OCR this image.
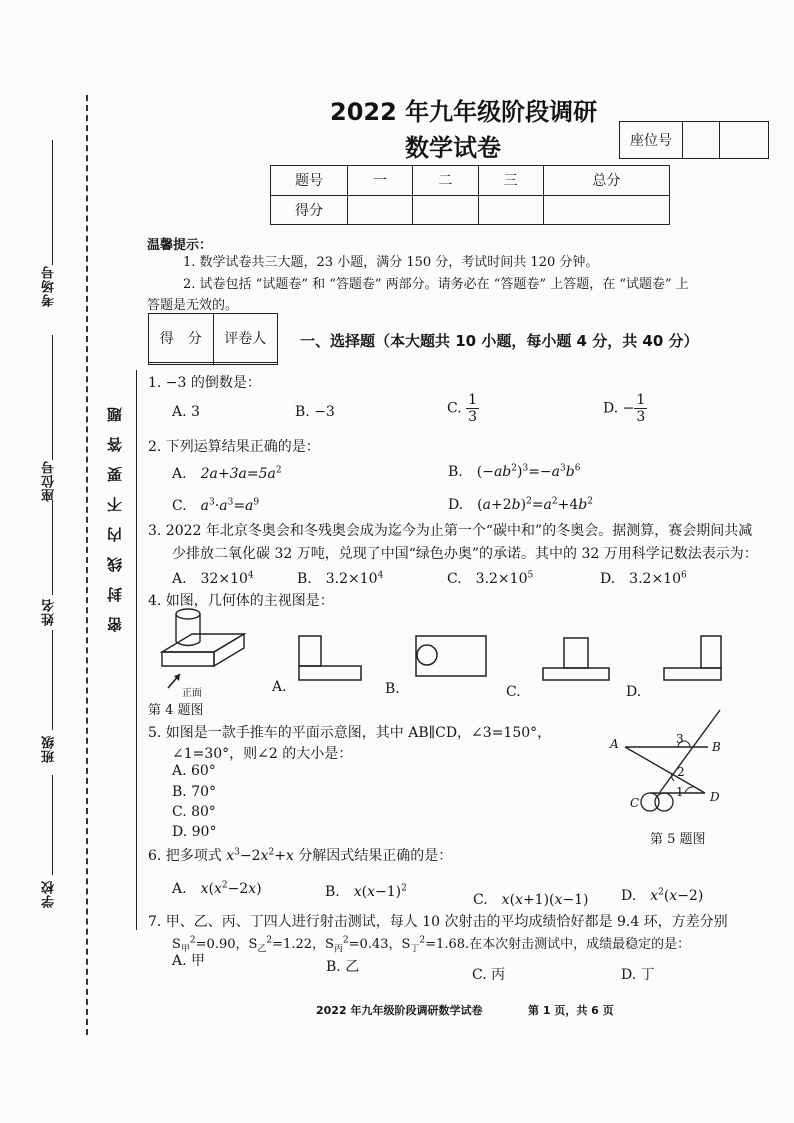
考场号
座位号
姓名
班级
学校
密封线内不要答题
2022 年九年级阶段调研
数学试卷	座位号		
题号	一	二	三	总分
得分				
温馨提示：
1. 数学试卷共三大题，23 小题，满分 150 分，考试时间共 120 分钟。
2. 试卷包括 “试题卷” 和 “答题卷” 两部分。请务必在 “答题卷” 上答题，在 “试题卷” 上
答题是无效的。
得　分	评卷人
	一、选择题（本大题共 10 小题，每小题 4 分，共 40 分）
1. −3 的倒数是：
A. 3	B. −3	C. $\frac{1}{3}$	D. − $\frac{1}{3}$
2. 下列运算结果正确的是：
A.　$2a+3a=5a^2$	B.　$(-ab^2)^3=-a^3b^6$
C.　$a^3\cdot a^3=a^9$	D.　$(a+2b)^2=a^2+4b^2$
3. 2022 年北京冬奥会和冬残奥会成为迄今为止第一个“碳中和”的冬奥会。据测算，赛会期间共减
少排放二氧化碳 32 万吨，兑现了中国“绿色办奥”的承诺。其中的 32 万用科学记数法表示为：
A.　$32\times 10^4$	B.　$3.2\times 10^4$	C.　$3.2\times 10^5$	D.　$3.2\times 10^6$
4. 如图，几何体的主视图是：
正面
第 4 题图
A.	B.	C.	D.
5. 如图是一款手推车的平面示意图，其中 AB∥CD，∠3=150°，
∠1=30°，则∠2 的大小是：
A. 60°
B. 70°
C. 80°
D. 90°
A	B
C	D
1
2
3
第 5 题图
6. 把多项式 $x^3-2x^2+x$ 分解因式结果正确的是：
A.　$x(x^2-2x)$	B.　$x(x-1)^2$
C.　x(x+1)(x−1) D.　$x^2(x-2)$
7. 甲、乙、丙、丁四人进行射击测试，每人 10 次射击的平均成绩恰好都是 9.4 环，方差分别
$S_甲^2=0.90$，$S_乙^2=1.22$，$S_丙^2=0.43$，$S_丁^2=1.68$.在本次射击测试中，成绩最稳定的是：
A. 甲	B. 乙	C. 丙	D. 丁
2022 年九年级阶段调研数学试卷	第 1 页，共 6 页
